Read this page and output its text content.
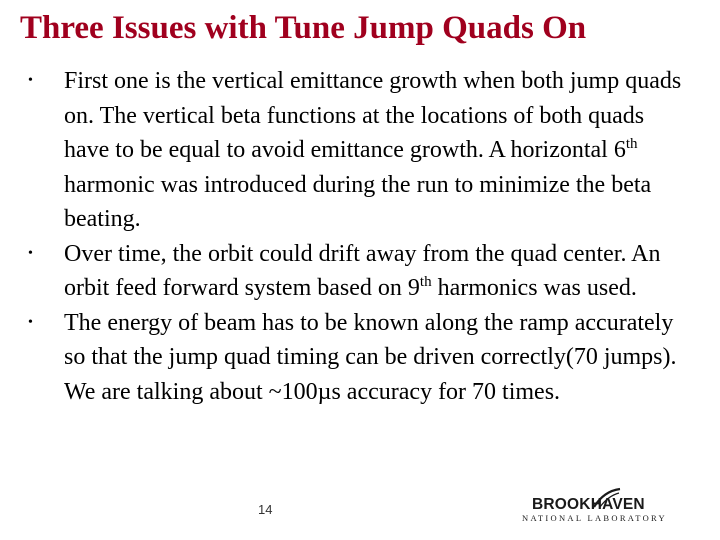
Three Issues with Tune Jump Quads On
• First one is the vertical emittance growth when both jump quads on. The vertical beta functions at the locations of both quads have to be equal to avoid emittance growth. A horizontal 6th harmonic was introduced during the run to minimize the beta beating.
• Over time, the orbit could drift away from the quad center. An orbit feed forward system based on 9th harmonics was used.
• The energy of beam has to be known along the ramp accurately so that the jump quad timing can be driven correctly(70 jumps). We are talking about ~100µs accuracy for 70 times.
14	BROOKHAVEN
NATIONAL LABORATORY
